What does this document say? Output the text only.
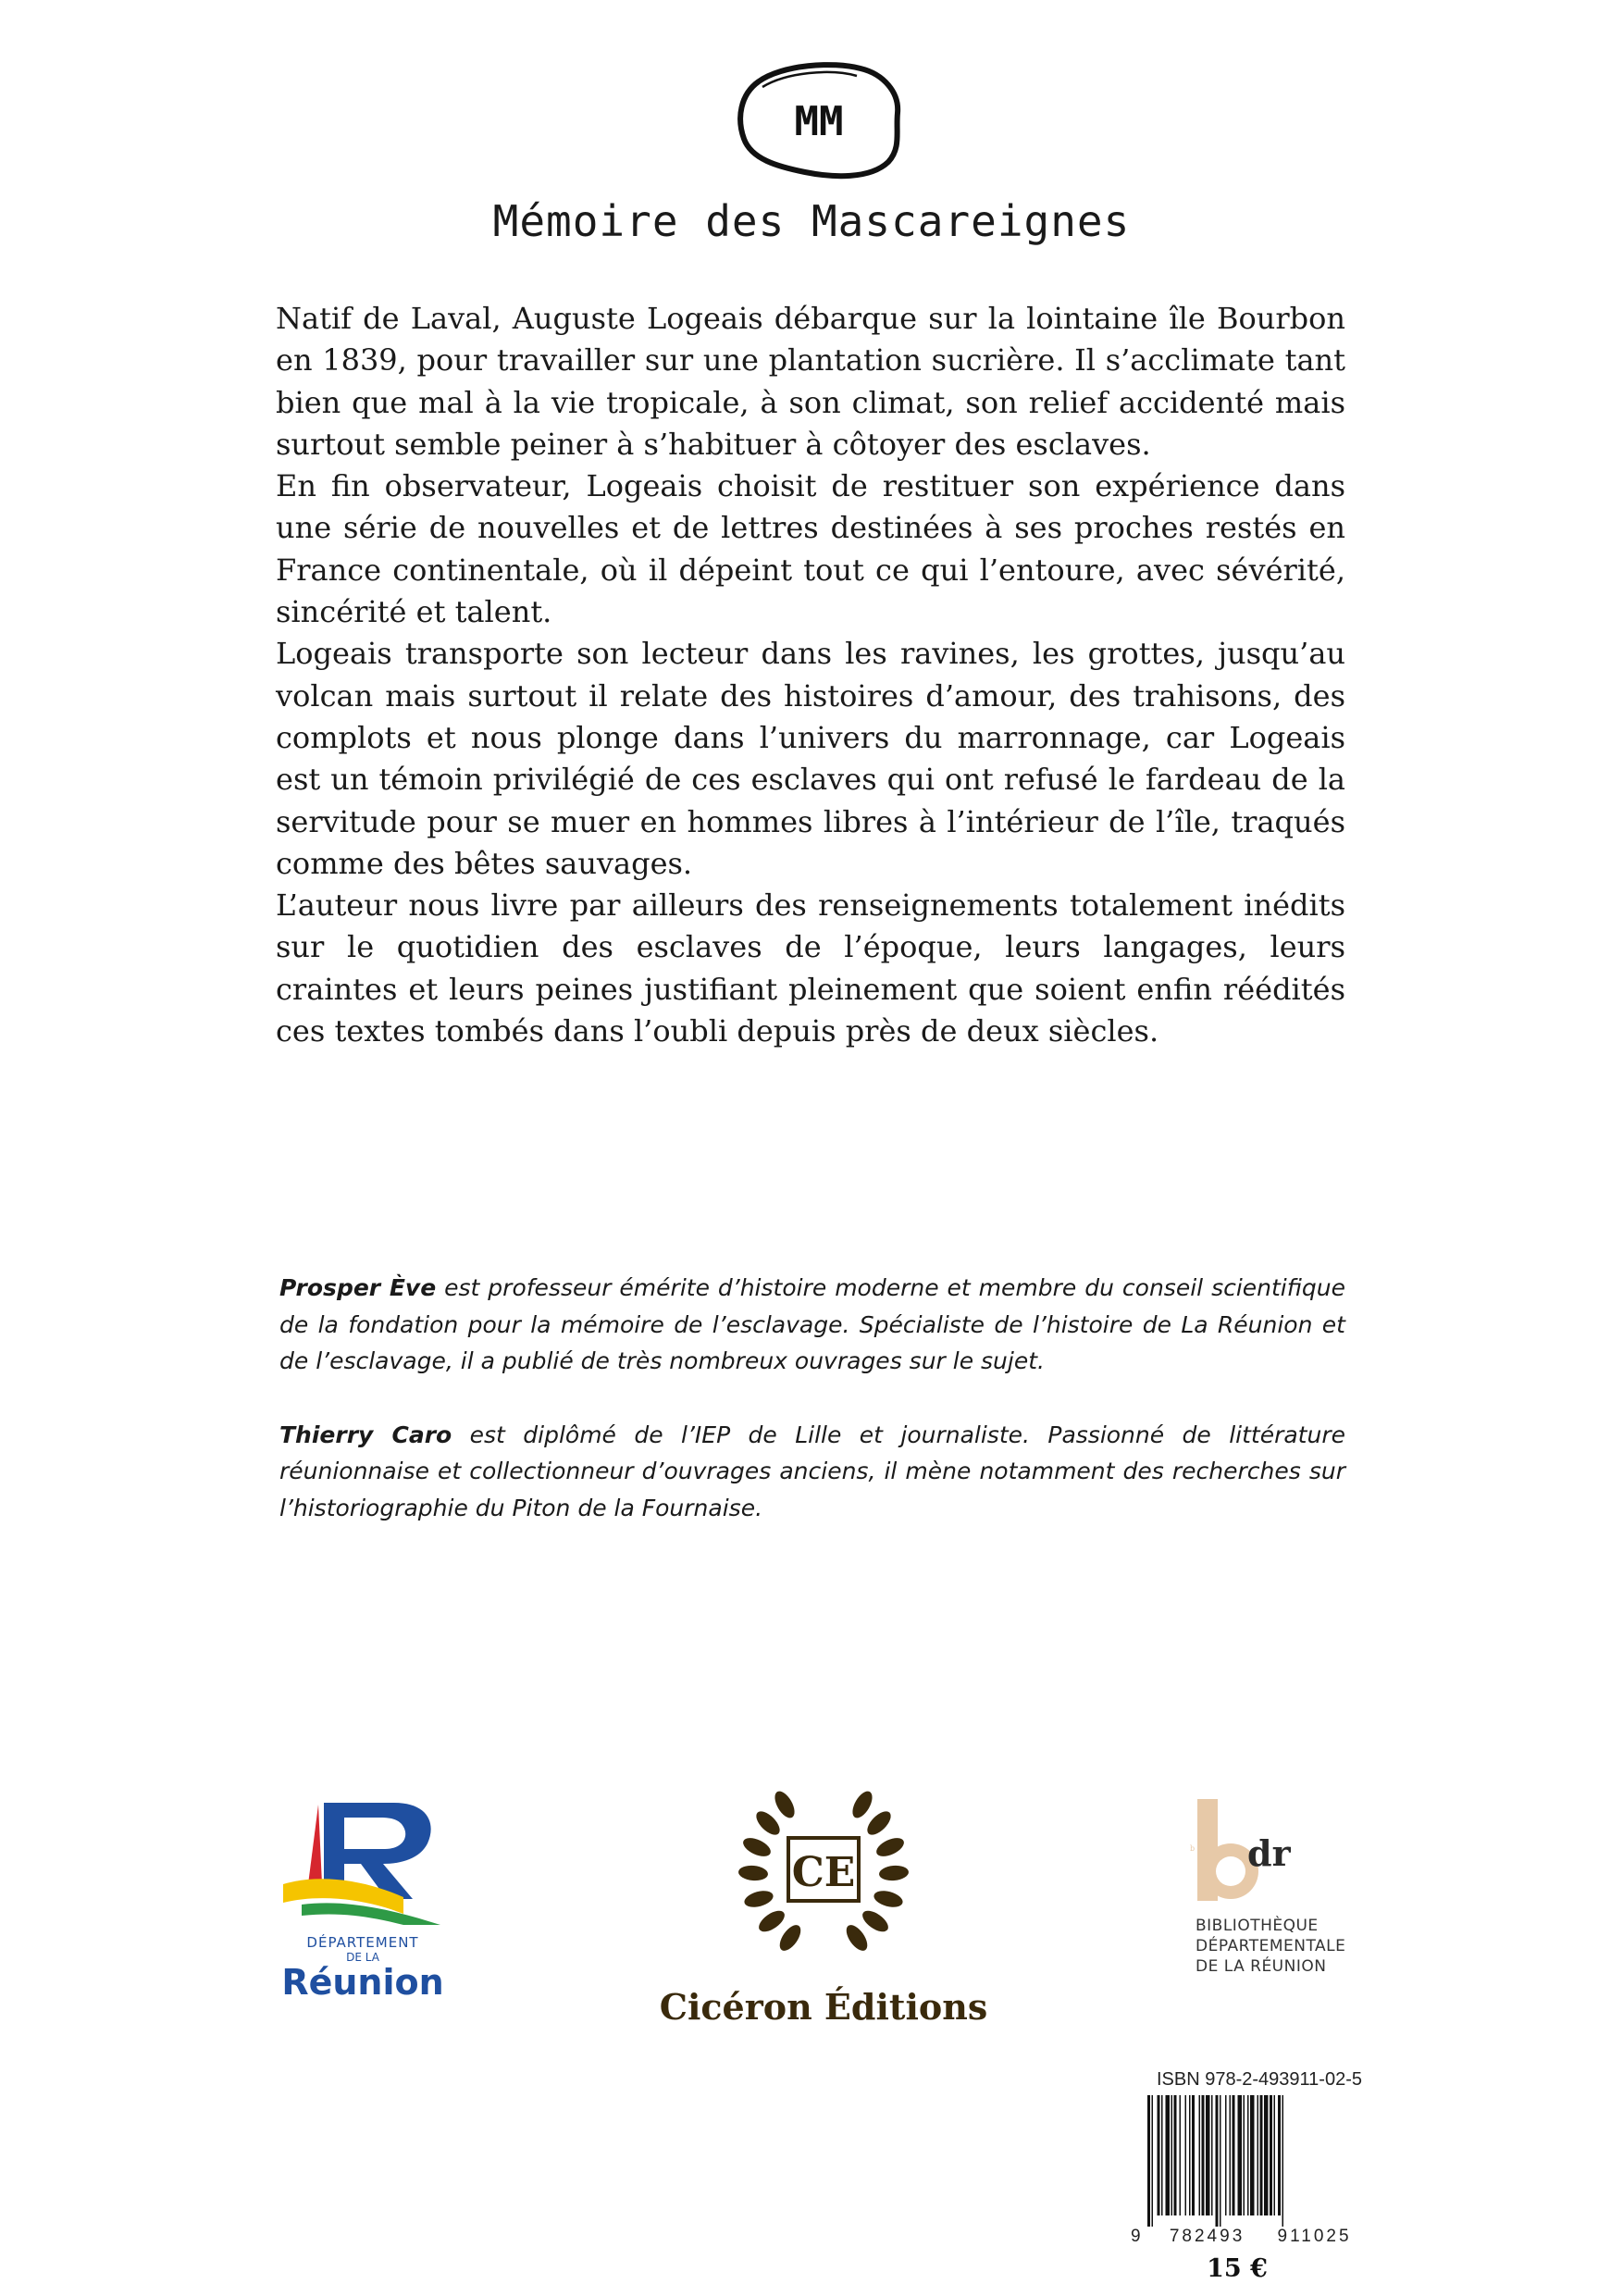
MM
Mémoire des Mascareignes

Natif de Laval, Auguste Logeais débarque sur la lointaine île Bourbon en 1839, pour travailler sur une plantation sucrière. Il s’acclimate tant bien que mal à la vie tropicale, à son climat, son relief accidenté mais surtout semble peiner à s’habituer à côtoyer des esclaves.

En fin observateur, Logeais choisit de restituer son expérience dans une série de nouvelles et de lettres destinées à ses proches restés en France continentale, où il dépeint tout ce qui l’entoure, avec sévérité, sincérité et talent.

Logeais transporte son lecteur dans les ravines, les grottes, jusqu’au volcan mais surtout il relate des histoires d’amour, des trahisons, des complots et nous plonge dans l’univers du marronnage, car Logeais est un témoin privilégié de ces esclaves qui ont refusé le fardeau de la servitude pour se muer en hommes libres à l’intérieur de l’île, traqués comme des bêtes sauvages.

L’auteur nous livre par ailleurs des renseignements totalement inédits sur le quotidien des esclaves de l’époque, leurs langages, leurs craintes et leurs peines justifiant pleinement que soient enfin réédités ces textes tombés dans l’oubli depuis près de deux siècles.

Prosper Ève est professeur émérite d’histoire moderne et membre du conseil scientifique de la fondation pour la mémoire de l’esclavage. Spécialiste de l’histoire de La Réunion et de l’esclavage, il a publié de très nombreux ouvrages sur le sujet.

Thierry Caro est diplômé de l’IEP de Lille et journaliste. Passionné de littérature réunionnaise et collectionneur d’ouvrages anciens, il mène notamment des recherches sur l’historiographie du Piton de la Fournaise.

DÉPARTEMENT
DE LA
Réunion
CE
Cicéron Éditions
b dr
BIBLIOTHÈQUE
DÉPARTEMENTALE
DE LA RÉUNION
ISBN 978-2-493911-02-5
9 782493 911025
15 €
